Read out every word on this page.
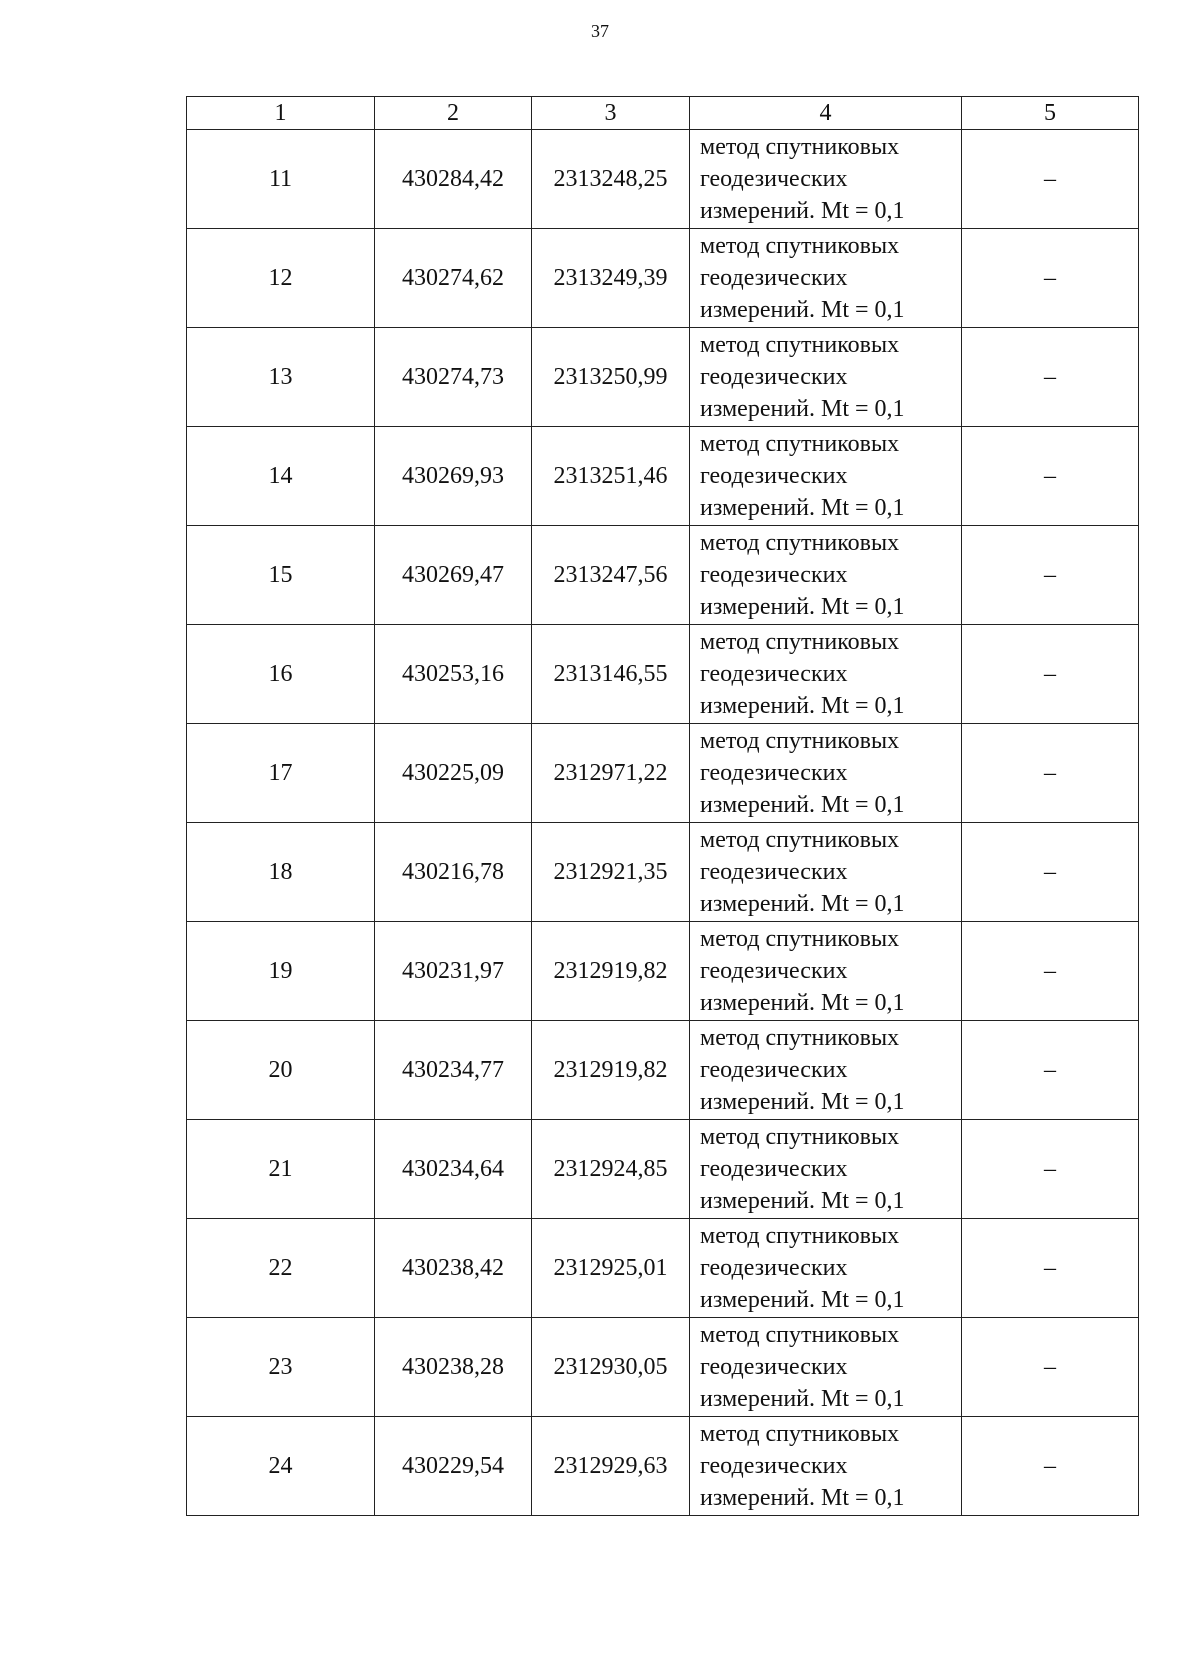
37
1	2	3	4	5
11	430284,42	2313248,25	метод спутниковых
геодезических
измерений. Mt = 0,1	–
12	430274,62	2313249,39	метод спутниковых
геодезических
измерений. Mt = 0,1	–
13	430274,73	2313250,99	метод спутниковых
геодезических
измерений. Mt = 0,1	–
14	430269,93	2313251,46	метод спутниковых
геодезических
измерений. Mt = 0,1	–
15	430269,47	2313247,56	метод спутниковых
геодезических
измерений. Mt = 0,1	–
16	430253,16	2313146,55	метод спутниковых
геодезических
измерений. Mt = 0,1	–
17	430225,09	2312971,22	метод спутниковых
геодезических
измерений. Mt = 0,1	–
18	430216,78	2312921,35	метод спутниковых
геодезических
измерений. Mt = 0,1	–
19	430231,97	2312919,82	метод спутниковых
геодезических
измерений. Mt = 0,1	–
20	430234,77	2312919,82	метод спутниковых
геодезических
измерений. Mt = 0,1	–
21	430234,64	2312924,85	метод спутниковых
геодезических
измерений. Mt = 0,1	–
22	430238,42	2312925,01	метод спутниковых
геодезических
измерений. Mt = 0,1	–
23	430238,28	2312930,05	метод спутниковых
геодезических
измерений. Mt = 0,1	–
24	430229,54	2312929,63	метод спутниковых
геодезических
измерений. Mt = 0,1	–
